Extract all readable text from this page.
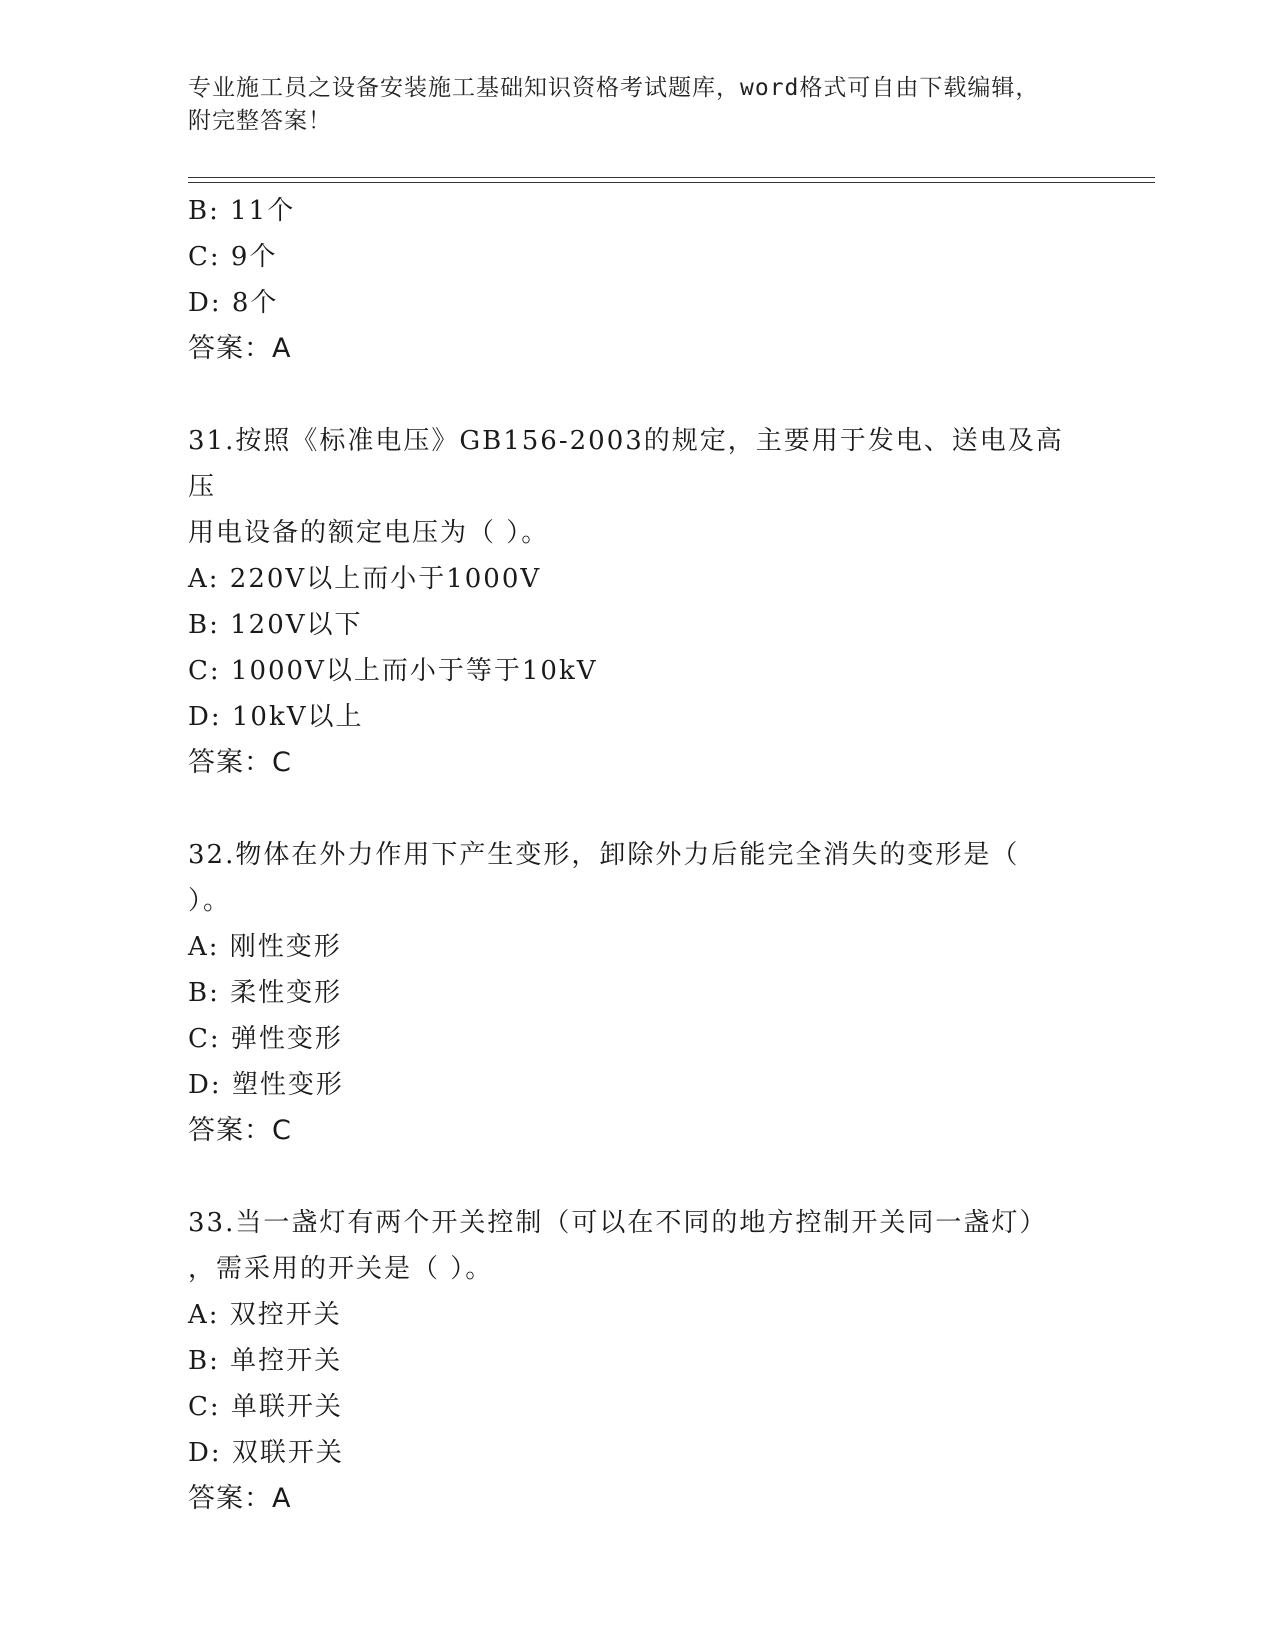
专业施工员之设备安装施工基础知识资格考试题库，word格式可自由下载编辑，
附完整答案！
B: 11个
C: 9个
D: 8个
答案：A
31.按照《标准电压》GB156-2003的规定，主要用于发电、送电及高压
用电设备的额定电压为（ ）。
A: 220V以上而小于1000V
B: 120V以下
C: 1000V以上而小于等于10kV
D: 10kV以上
答案：C
32.物体在外力作用下产生变形，卸除外力后能完全消失的变形是（
）。
A: 刚性变形
B: 柔性变形
C: 弹性变形
D: 塑性变形
答案：C
33.当一盏灯有两个开关控制（可以在不同的地方控制开关同一盏灯）
，需采用的开关是（ ）。
A: 双控开关
B: 单控开关
C: 单联开关
D: 双联开关
答案：A
